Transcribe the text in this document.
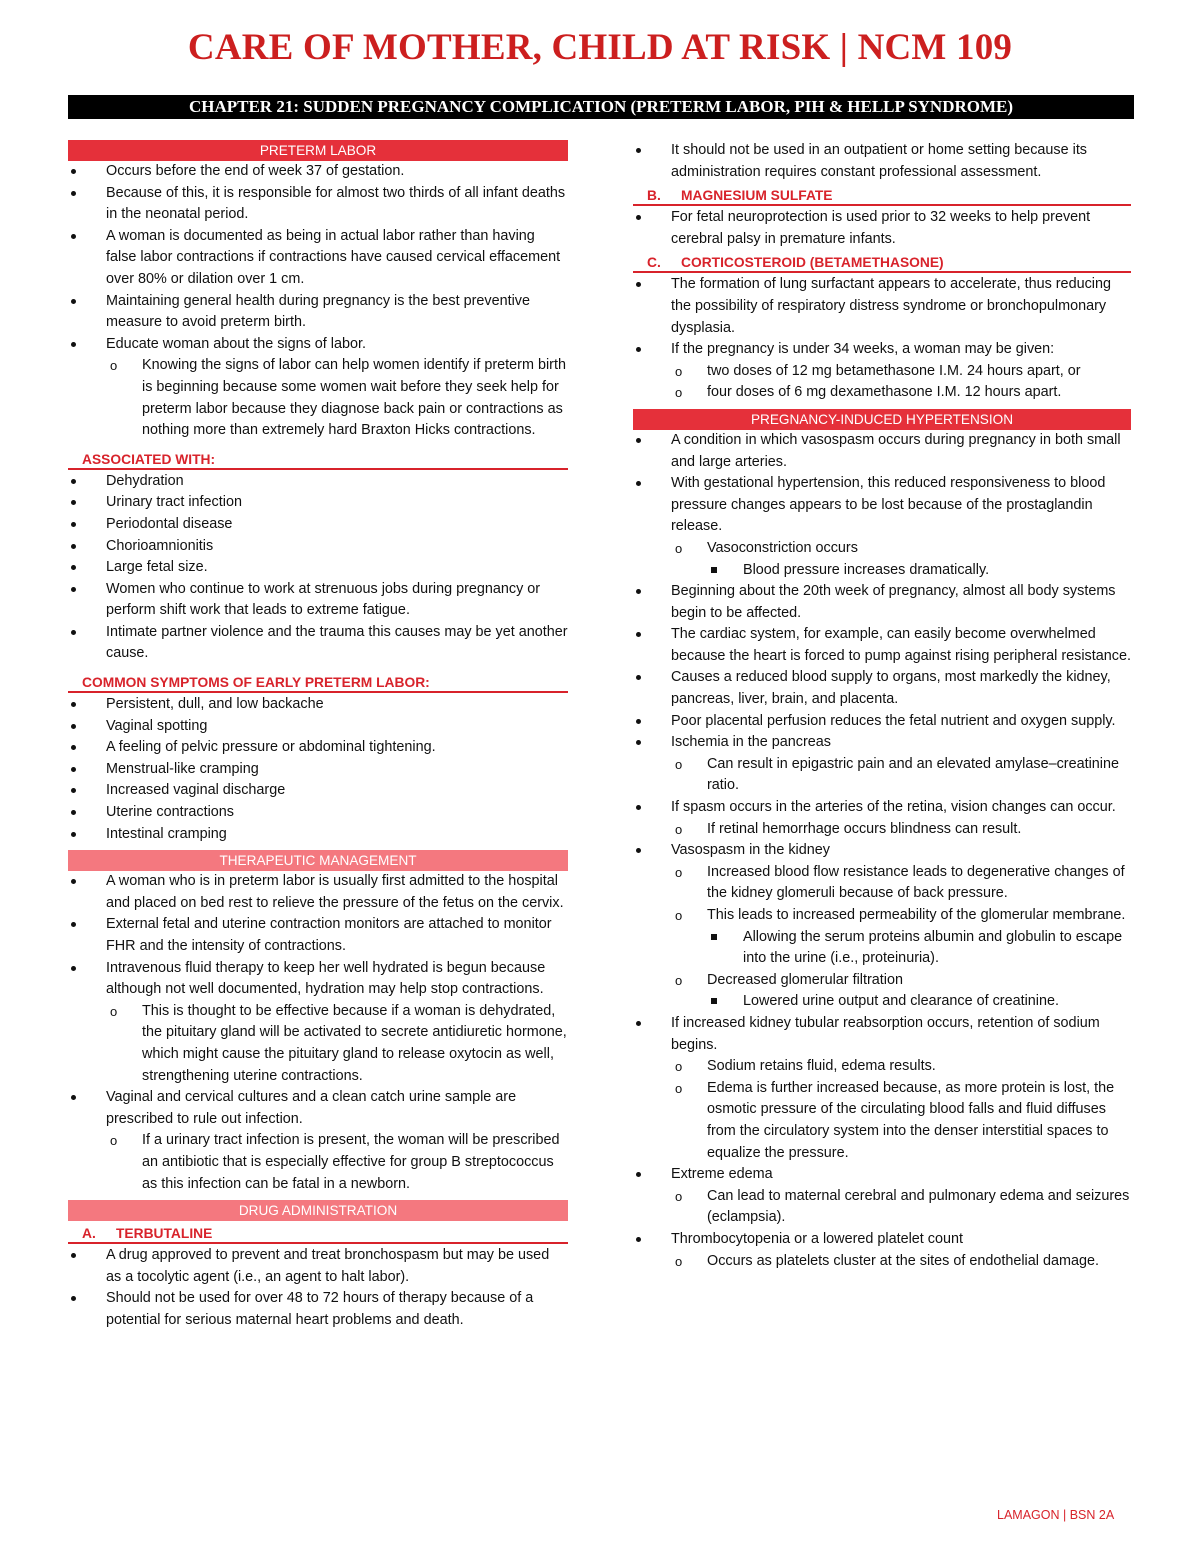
CARE OF MOTHER, CHILD AT RISK | NCM 109
CHAPTER 21: SUDDEN PREGNANCY COMPLICATION (PRETERM LABOR, PIH & HELLP SYNDROME)
PRETERM LABOR
Occurs before the end of week 37 of gestation.
Because of this, it is responsible for almost two thirds of all infant deaths in the neonatal period.
A woman is documented as being in actual labor rather than having false labor contractions if contractions have caused cervical effacement over 80% or dilation over 1 cm.
Maintaining general health during pregnancy is the best preventive measure to avoid preterm birth.
Educate woman about the signs of labor.
o Knowing the signs of labor can help women identify if preterm birth is beginning because some women wait before they seek help for preterm labor because they diagnose back pain or contractions as nothing more than extremely hard Braxton Hicks contractions.
ASSOCIATED WITH:
Dehydration
Urinary tract infection
Periodontal disease
Chorioamnionitis
Large fetal size.
Women who continue to work at strenuous jobs during pregnancy or perform shift work that leads to extreme fatigue.
Intimate partner violence and the trauma this causes may be yet another cause.
COMMON SYMPTOMS OF EARLY PRETERM LABOR:
Persistent, dull, and low backache
Vaginal spotting
A feeling of pelvic pressure or abdominal tightening.
Menstrual-like cramping
Increased vaginal discharge
Uterine contractions
Intestinal cramping
THERAPEUTIC MANAGEMENT
A woman who is in preterm labor is usually first admitted to the hospital and placed on bed rest to relieve the pressure of the fetus on the cervix.
External fetal and uterine contraction monitors are attached to monitor FHR and the intensity of contractions.
Intravenous fluid therapy to keep her well hydrated is begun because although not well documented, hydration may help stop contractions.
o This is thought to be effective because if a woman is dehydrated, the pituitary gland will be activated to secrete antidiuretic hormone, which might cause the pituitary gland to release oxytocin as well, strengthening uterine contractions.
Vaginal and cervical cultures and a clean catch urine sample are prescribed to rule out infection.
o If a urinary tract infection is present, the woman will be prescribed an antibiotic that is especially effective for group B streptococcus as this infection can be fatal in a newborn.
DRUG ADMINISTRATION
A. TERBUTALINE
A drug approved to prevent and treat bronchospasm but may be used as a tocolytic agent (i.e., an agent to halt labor).
Should not be used for over 48 to 72 hours of therapy because of a potential for serious maternal heart problems and death.
It should not be used in an outpatient or home setting because its administration requires constant professional assessment.
B. MAGNESIUM SULFATE
For fetal neuroprotection is used prior to 32 weeks to help prevent cerebral palsy in premature infants.
C. CORTICOSTEROID (BETAMETHASONE)
The formation of lung surfactant appears to accelerate, thus reducing the possibility of respiratory distress syndrome or bronchopulmonary dysplasia.
If the pregnancy is under 34 weeks, a woman may be given:
o two doses of 12 mg betamethasone I.M. 24 hours apart, or
o four doses of 6 mg dexamethasone I.M. 12 hours apart.
PREGNANCY-INDUCED HYPERTENSION
A condition in which vasospasm occurs during pregnancy in both small and large arteries.
With gestational hypertension, this reduced responsiveness to blood pressure changes appears to be lost because of the prostaglandin release.
o Vasoconstriction occurs
Blood pressure increases dramatically.
Beginning about the 20th week of pregnancy, almost all body systems begin to be affected.
The cardiac system, for example, can easily become overwhelmed because the heart is forced to pump against rising peripheral resistance.
Causes a reduced blood supply to organs, most markedly the kidney, pancreas, liver, brain, and placenta.
Poor placental perfusion reduces the fetal nutrient and oxygen supply.
Ischemia in the pancreas
o Can result in epigastric pain and an elevated amylase–creatinine ratio.
If spasm occurs in the arteries of the retina, vision changes can occur.
o If retinal hemorrhage occurs blindness can result.
Vasospasm in the kidney
o Increased blood flow resistance leads to degenerative changes of the kidney glomeruli because of back pressure.
o This leads to increased permeability of the glomerular membrane.
Allowing the serum proteins albumin and globulin to escape into the urine (i.e., proteinuria).
o Decreased glomerular filtration
Lowered urine output and clearance of creatinine.
If increased kidney tubular reabsorption occurs, retention of sodium begins.
o Sodium retains fluid, edema results.
o Edema is further increased because, as more protein is lost, the osmotic pressure of the circulating blood falls and fluid diffuses from the circulatory system into the denser interstitial spaces to equalize the pressure.
Extreme edema
o Can lead to maternal cerebral and pulmonary edema and seizures (eclampsia).
Thrombocytopenia or a lowered platelet count
o Occurs as platelets cluster at the sites of endothelial damage.
LAMAGON | BSN 2A
